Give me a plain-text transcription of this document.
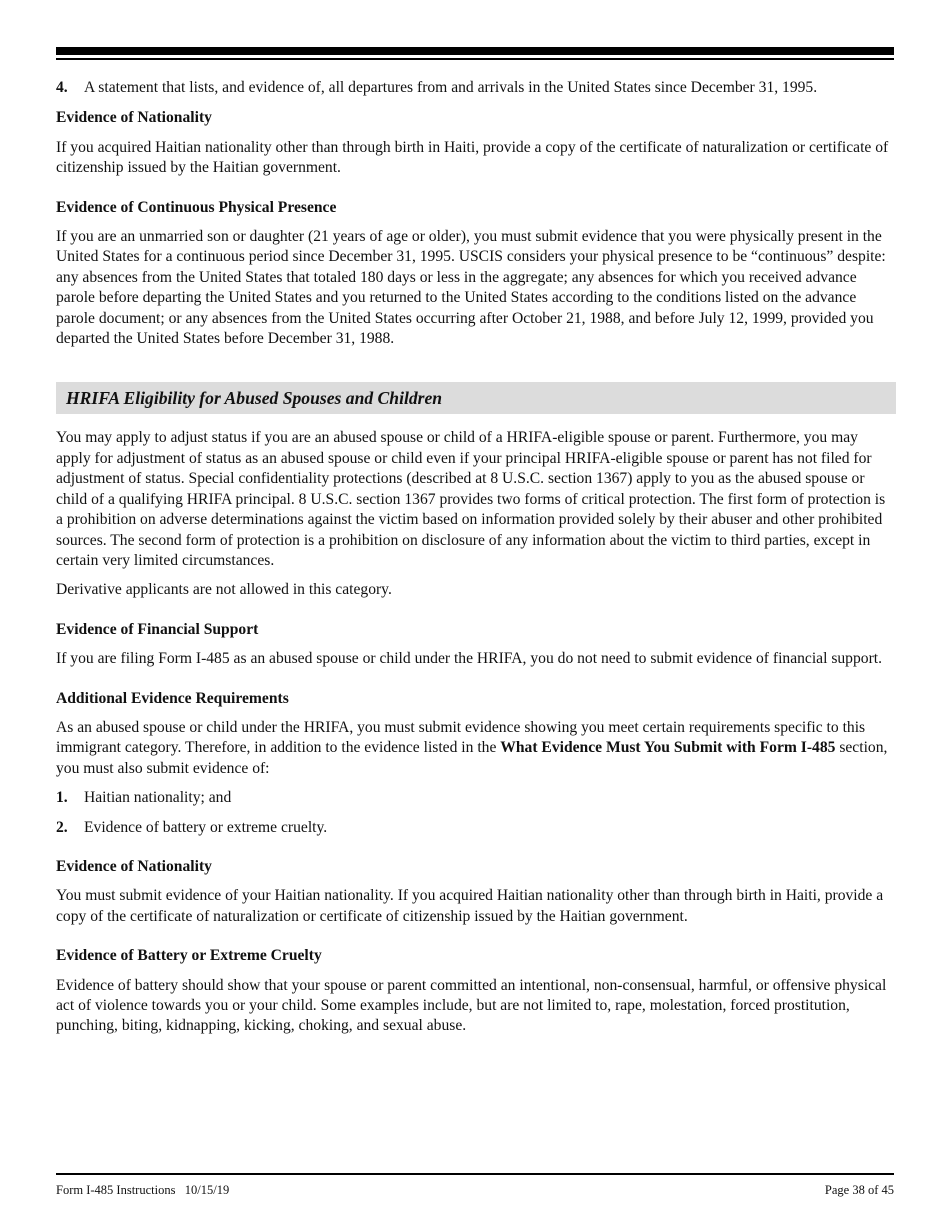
4.	A statement that lists, and evidence of, all departures from and arrivals in the United States since December 31, 1995.
Evidence of Nationality

If you acquired Haitian nationality other than through birth in Haiti, provide a copy of the certificate of naturalization or certificate of citizenship issued by the Haitian government.

Evidence of Continuous Physical Presence

If you are an unmarried son or daughter (21 years of age or older), you must submit evidence that you were physically present in the United States for a continuous period since December 31, 1995. USCIS considers your physical presence to be “continuous” despite: any absences from the United States that totaled 180 days or less in the aggregate; any absences for which you received advance parole before departing the United States and you returned to the United States according to the conditions listed on the advance parole document; or any absences from the United States occurring after October 21, 1988, and before July 12, 1999, provided you departed the United States before December 31, 1988.

HRIFA Eligibility for Abused Spouses and Children

You may apply to adjust status if you are an abused spouse or child of a HRIFA-eligible spouse or parent. Furthermore, you may apply for adjustment of status as an abused spouse or child even if your principal HRIFA-eligible spouse or parent has not filed for adjustment of status. Special confidentiality protections (described at 8 U.S.C. section 1367) apply to you as the abused spouse or child of a qualifying HRIFA principal. 8 U.S.C. section 1367 provides two forms of critical protection. The first form of protection is a prohibition on adverse determinations against the victim based on information provided solely by their abuser and other prohibited sources. The second form of protection is a prohibition on disclosure of any information about the victim to third parties, except in certain very limited circumstances.

Derivative applicants are not allowed in this category.

Evidence of Financial Support

If you are filing Form I-485 as an abused spouse or child under the HRIFA, you do not need to submit evidence of financial support.

Additional Evidence Requirements

As an abused spouse or child under the HRIFA, you must submit evidence showing you meet certain requirements specific to this immigrant category. Therefore, in addition to the evidence listed in the What Evidence Must You Submit with Form I-485 section, you must also submit evidence of:

1.	Haitian nationality; and
2.	Evidence of battery or extreme cruelty.
Evidence of Nationality

You must submit evidence of your Haitian nationality. If you acquired Haitian nationality other than through birth in Haiti, provide a copy of the certificate of naturalization or certificate of citizenship issued by the Haitian government.

Evidence of Battery or Extreme Cruelty

Evidence of battery should show that your spouse or parent committed an intentional, non-consensual, harmful, or offensive physical act of violence towards you or your child. Some examples include, but are not limited to, rape, molestation, forced prostitution, punching, biting, kidnapping, kicking, choking, and sexual abuse.

Form I-485 Instructions   10/15/19	Page 38 of 45
